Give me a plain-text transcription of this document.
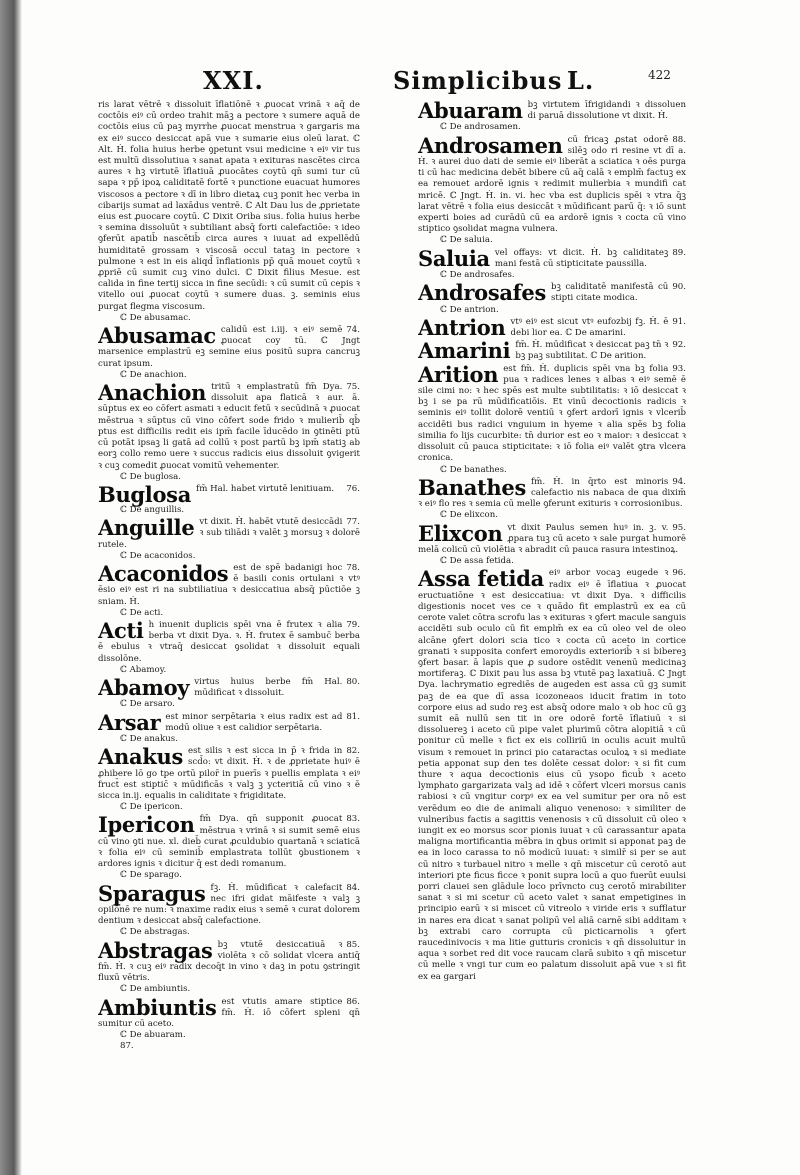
XXI.	Simplicibus L.	422
ris larat vētrē ꝛ dissoluit īflatiōnē ꝛ ꝓuocat vrinā ꝛ aq̄ de coctōis eiꝰ cū ordeo trahit māꝫ a pectore ꝛ sumere aquā de coctōis eius cū paꝫ myrrhe ꝓuocat menstrua ꝛ gargaris ma ex eiꝰ succo desiccat apā vue ꝛ sumarie eius oleū larat. ℂ Alt. Ḣ. folia huius herbe ꝯpetunt vsui medicine ꝛ eiꝰ vir tus est multū dissolutiua ꝛ sanat apata ꝛ exituras nascētes circa aures ꝛ hꝫ virtutē īflatiuā ꝓuocātes coytū qn̄ sumi tur cū sapa ꝛ pp̄ ipoꝝ caliditatē fortē ꝛ punctione euacuat humores viscosos a pectore ꝛ dī in libro dietaꝝ cuꝫ ponit hec verba in cibarijs sumat ad laxādus ventrē. ℂ Alt Dau lus de ꝓprietate eius est ꝓuocare coytū. ℂ Dixit Oriba sius. folia huius herbe ꝛ semina dissoluūt ꝛ subtiliant absq̄ forti calefactiōe: ꝛ ideo ꝯferūt apatib̄ nascētib̄ circa aures ꝛ iuuat ad expellēdū humiditatē grossam ꝛ viscosā occul tataꝫ in pectore ꝛ pulmone ꝛ est in eis aliqd̄ īnflationis pp̄ quā mouet coytū ꝛ ꝓpriē cū sumit cuꝫ vino dulci. ℂ Dixit filius Mesue. est calida in fine tertij sicca in fine secūdi: ꝛ cū sumit cū cepis ꝛ vitello oui ꝓuocat coytū ꝛ sumere duas. ꝫ. seminis eius purgat flegma viscosum.
ℂ De abusamac.
74.
Abusamac calidū est i.iij. ꝛ eiꝰ semē ꝓuocat coy tū. ℂ Jngt marsenice emplastrū eꝫ semine eius positū supra cancruꝫ curat ipsum.
ℂ De anachion.
75.
Anachion tritū ꝛ emplastratū fm̄ Dya. dissoluit apa flaticā ꝛ aur. ā. sūptus ex eo cōfert asmati ꝛ educit fetū ꝛ secūdinā ꝛ ꝓuocat mēstrua ꝛ sūptus cū vino cōfert sode frido ꝛ mulierib̄ qb̄ ptus est difficilis redit eis ipm̄ facile īducēdo in ꝯtinēti ptū cū potāt ipsaꝫ li gatā ad collū ꝛ post partū bꝫ ipm̄ statiꝫ ab eorꝫ collo remo uere ꝛ succus radicis eius dissoluit ꝯvigerit ꝛ cuꝫ comedit ꝓuocat vomitū vehementer.
ℂ De buglosa.
76.
Buglosa fm̄ Hal. habet virtutē lenitiuam.
ℂ De anguillis.
77.
Anguille vt dixit. Ḣ. habēt vtutē desiccādi ꝛ sub tiliādi ꝛ valēt ꝫ morsuꝫ ꝛ dolorē rutele.
ℂ De acaconidos.
78.
Acaconidos est de spē badanigi hoc ē basili conis ortulani ꝛ vtꝰ ēsio eiꝰ est ri na subtiliatiua ꝛ desiccatiua absq̄ pūctiōe ꝫ sniam. Ḣ.
ℂ De acti.
79.
Acti h inuenit duplicis spēi vna ē frutex ꝛ alia berba vt dixit Dya. ꝛ. Ḣ. frutex ē sambuc̄ berba ē ebulus ꝛ vtraq̄ desiccat ꝯsolidat ꝛ dissoluit equali dissolōne.
ℂ Abamoy.
80.
Abamoy virtus huius berbe fm̄ Hal. mūdificat ꝛ dissoluit.
ℂ De arsaro.
81.
Arsar est minor serpētaria ꝛ eius radix est ad modū oliue ꝛ est calidior serpētaria.
ℂ De anakus.
82.
Anakus est silis ꝛ est sicca in p̄ ꝛ frida in scd̄o: vt dixit. Ḣ. ꝛ de ꝓprietate huiꝰ ē ꝓhibere lō go tpe ortū pilor̄ in puerīs ꝛ puellis emplata ꝛ eiꝰ fruct̄ est stiptic̄ ꝛ mūdificās ꝛ valꝫ ꝫ ycteritiā cū vino ꝛ ē sicca in.ij. equalis in caliditate ꝛ frigiditate.
ℂ De ipericon.
83.
Ipericon fm̄ Dya. qn̄ supponit ꝓuocat mēstrua ꝛ vrinā ꝛ si sumit semē eius cū vino ꝯti nue. xl. dieb̄ curat ꝓculdubio quartanā ꝛ sciaticā ꝛ folia eiꝰ cū seminib̄ emplastrata tollūt ꝯbustionem ꝛ ardores ignis ꝛ dicitur q̄ est dedi romanum.
ℂ De sparago.
84.
Sparagus fꝫ. Ḣ. mūdificat ꝛ calefacit nec ifri gidat māifeste ꝛ valꝫ ꝫ opilōnē re num: ꝛ maxime radix eius ꝛ semē ꝛ curat dolorem dentium ꝛ desiccat absq̄ calefactione.
ℂ De abstragas.
85.
Abstragas bꝫ vtutē desiccatiuā ꝛ violēta ꝛ cō solidat vlcera antiq̄ fm̄. Ḣ. ꝛ cuꝫ eiꝰ radix decoq̄t in vino ꝛ daꝫ in potu ꝯstringit fluxū vētris.
ℂ De ambiuntis.
86.
Ambiuntis est vtutis amare stiptice fm̄. Ḣ. iō cōfert spleni qn̄ sumitur cū aceto.
ℂ De abuaram.
87.
Abuaram bꝫ virtutem īfrigidandi ꝛ dissoluen di paruā dissolutione vt dixit. Ḣ.
ℂ De androsamen.
88.
Androsamen cū fricaꝫ ꝓstat odorē silēꝫ odo ri resine vt dī a. Ḣ. ꝛ aurei duo dati de semie eiꝰ liberāt a sciatica ꝛ oēs purga ti cū hac medicina debēt bibere cū aq̄ calā ꝛ emplm̄ factuꝫ ex ea remouet ardorē ignis ꝛ redimit mulierbia ꝛ mundifi cat mricē. ℂ Jngt. Ḣ. in. vi. hec vba est duplicis spēi ꝛ vtra q̄ꝫ larat vētrē ꝛ folia eius desiccāt ꝛ mūdificant parū q̄: ꝛ iō sunt experti boies ad curādū cū ea ardorē ignis ꝛ cocta cū vino stiptico ꝯsolidat magna vulnera.
ℂ De saluia.
89.
Saluia vel offays: vt dicit. Ḣ. bꝫ caliditateꝫ mani festā cū stipticitate paussilla.
ℂ De androsafes.
90.
Androsafes bꝫ caliditatē manifestā cū stipti citate modica.
ℂ De antrion.
91.
Antrion vtꝰ eiꝰ est sicut vtꝰ eufozbij fꝫ. Ḣ. ē debi lior ea. ℂ De amarini.
92.
Amarini fm̄. Ḣ. mūdificat ꝛ desiccat paꝫ tn̄ ꝛ bꝫ paꝫ subtilitat. ℂ De arition.
93.
Arition est fm̄. Ḣ. duplicis spēi vna bꝫ folia pua ꝛ radices lenes ꝛ albas ꝛ eiꝰ semē ē sile cimi no: ꝛ hec spēs est multe subtilitatis: ꝛ iō desiccat ꝛ bꝫ i se pa rū mūdificatiōis. Et vinū decoctionis radicis ꝛ seminis eiꝰ tollit dolorē ventiū ꝛ ꝯfert ardorī ignis ꝛ vlcerib̄ accidēti bus radici vnguium in hyeme ꝛ alia spēs bꝫ folia similia fo lijs cucurbite: tn̄ durior est eo ꝛ maior: ꝛ desiccat ꝛ dissoluit cū pauca stipticitate: ꝛ iō folia eiꝰ valēt ꝯtra vlcera cronica.
ℂ De banathes.
94.
Banathes fm̄. Ḣ. in q̄rto est minoris calefactio nis nabaca de qua dixim̄ ꝛ eiꝰ flo res ꝛ semia cū melle ꝯferunt exituris ꝛ corrosionibus.
ℂ De elixcon.
95.
Elixcon vt dixit Paulus semen huꝰ in. ꝫ. v. ꝓpara tuꝫ cū aceto ꝛ sale purgat humorē melā colicū cū violētia ꝛ abradit cū pauca rasura intestinoꝝ.
ℂ De assa fetida.
96.
Assa fetida eiꝰ arbor vocaꝫ eugede ꝛ radix eiꝰ ē īflatiua ꝛ ꝓuocat eructuatiōne ꝛ est desiccatiua: vt dixit Dya. ꝛ difficilis digestionis nocet ves ce ꝛ quādo fit emplastrū ex ea cū cerote valet cōtra scrofu las ꝛ exituras ꝛ ꝯfert macule sanguis accidēti sub oculo cū fit emplm̄ ex ea cū oleo vel de oleo alcāne ꝯfert dolori scia tico ꝛ cocta cū aceto in cortice granati ꝛ supposita confert emoroydis exteriorib̄ ꝛ si bibereꝫ ꝯfert basar. ā lapis que ꝓ sudore ostēdit venenū medicinaꝫ mortiferaꝫ. ℂ Dixit pau lus assa bꝫ vtutē paꝫ laxatiuā. ℂ Jngt Dya. lachrymatio egrediēs de augeden est assa cū gꝫ sumit paꝫ de ea que dī assa icozoneaos iducit fratim in toto corpore eius ad sudo reꝫ est absq̄ odore malo ꝛ ob hoc cū gꝫ sumit eā nullū sen tit in ore odorē fortē īflatiuū ꝛ si dissoluereꝫ i aceto cū pipe valet plurimū cōtra alopitiā ꝛ cū ponitur cū melle ꝛ fict ex eis colliriū in oculis acuit multū visum ꝛ remouet in princi pio cataractas oculoꝝ ꝛ si mediate petia apponat sup den tes dolēte cessat dolor: ꝛ si fit cum thure ꝛ aqua decoctionis eius cū ysopo ficub̄ ꝛ aceto lymphato gargarizata valꝫ ad idē ꝛ cōfert vlceri morsus canis rabiosi ꝛ cū vngitur corpꝰ ex ea vel sumitur per ora nō est verēdum eo die de animali aliquo venenoso: ꝛ similiter de vulneribus factis a sagittis venenosis ꝛ cū dissoluit cū oleo ꝛ iungit ex eo morsus scor pionis iuuat ꝛ cū carassantur apata maligna mortificantia mēbra in qbus orimit si apponat paꝫ de ea in loco carassa to nō modicū iuuat: ꝛ similr̄ si per se aut cū nitro ꝛ turbauel nitro ꝛ melle ꝛ qn̄ miscetur cū cerotō aut interiori pte ficus ficce ꝛ ponit supra locū a quo fuerūt euulsi porri clauei sen glādule loco prīvncto cuꝫ cerotō mirabiliter sanat ꝛ si mi scetur cū aceto valet ꝛ sanat empetigines in principio earū ꝛ si miscet cū vitreolo ꝛ viride eris ꝛ sufflatur in nares era dicat ꝛ sanat polipū vel aliā carnē sibi additam ꝛ bꝫ extrabi caro corrupta cū picticarnolis ꝛ ꝯfert raucedinivocis ꝛ ma litie gutturis cronicis ꝛ qn̄ dissoluitur in aqua ꝛ sorbet red dit voce raucam clarā subito ꝛ qn̄ miscetur cū melle ꝛ vngi tur cum eo palatum dissoluit apā vue ꝛ si fit ex ea gargari
